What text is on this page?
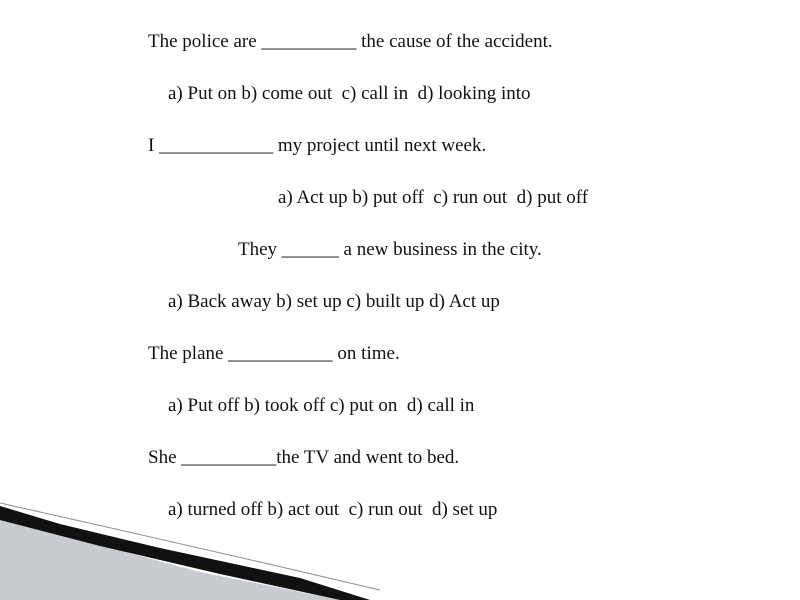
The police are __________ the cause of the accident.
a) Put on b) come out  c) call in  d) looking into
I ____________ my project until next week.
a) Act up b) put off  c) run out  d) put off
They ______ a new business in the city.
a) Back away b) set up c) built up d) Act up
The plane ___________ on time.
a) Put off b) took off c) put on  d) call in
She __________the TV and went to bed.
a) turned off b) act out  c) run out  d) set up
